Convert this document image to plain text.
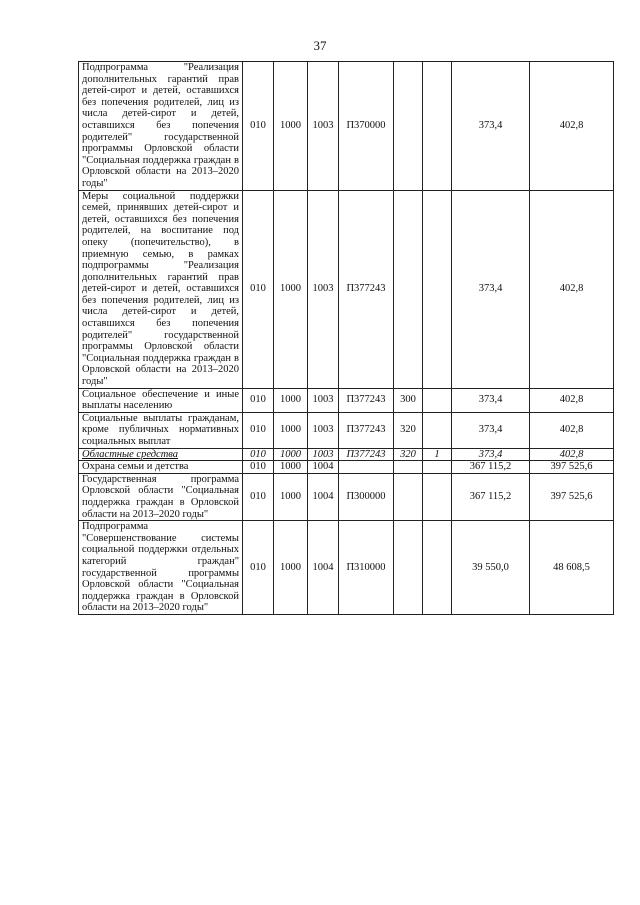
37
Подпрограмма "Реализация дополнительных гарантий прав детей-сирот и детей, оставшихся без попечения родителей, лиц из числа детей-сирот и детей, оставшихся без попечения родителей" государственной программы Орловской области "Социальная поддержка граждан в Орловской области на 2013–2020 годы"	010	1000	1003	П370000			373,4	402,8
Меры социальной поддержки семей, принявших детей-сирот и детей, оставшихся без попечения родителей, на воспитание под опеку (попечительство), в приемную семью, в рамках подпрограммы "Реализация дополнительных гарантий прав детей-сирот и детей, оставшихся без попечения родителей, лиц из числа детей-сирот и детей, оставшихся без попечения родителей" государственной программы Орловской области "Социальная поддержка граждан в Орловской области на 2013–2020 годы"	010	1000	1003	П377243			373,4	402,8
Социальное обеспечение и иные выплаты населению	010	1000	1003	П377243	300		373,4	402,8
Социальные выплаты гражданам, кроме публичных нормативных социальных выплат	010	1000	1003	П377243	320		373,4	402,8
Областные средства	010	1000	1003	П377243	320	1	373,4	402,8
Охрана семьи и детства	010	1000	1004				367 115,2	397 525,6
Государственная программа Орловской области "Социальная поддержка граждан в Орловской области на 2013–2020 годы"	010	1000	1004	П300000			367 115,2	397 525,6
Подпрограмма "Совершенствование системы социальной поддержки отдельных категорий граждан" государственной программы Орловской области "Социальная поддержка граждан в Орловской области на 2013–2020 годы"	010	1000	1004	П310000			39 550,0	48 608,5
